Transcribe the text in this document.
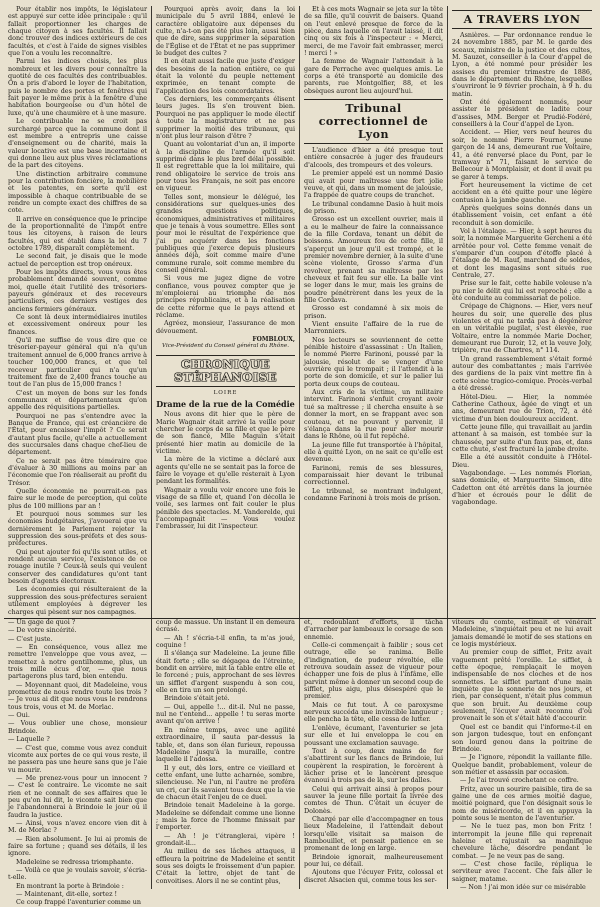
Pour établir nos impôts, le législateur est appuyé sur cette idée principale : qu'il fallait proportionner les charges de chaque citoyen à ses facultés. Il fallait donc trouver des indices extérieurs de ces facultés, et c'est à l'aide de signes visibles que l'on a voulu les reconnaître.

Parmi les indices choisis, les plus nombreux et les divers pour connaître la quotité de ces facultés des contribuables. On a pris d'abord le loyer de l'habitation, puis le nombre des portes et fenêtres qui fait payer le même prix à la fenêtre d'une habitation bourgeoise ou d'un hôtel de luxe, qu'à une chaumière et à une masure.

Le contribuable ne se croit pas surchargé parce que la commune dont il est membre a entrepris une caisse d'enseignement ou de charité, mais la valeur locative est une base incertaine et qui donne lieu aux plus vives réclamations de la part des citoyens.

Une distinction arbitraire commune pour la contribution foncière, la mobilière et les patentes, en sorte qu'il est impossible à chaque contribuable de se rendre un compte exact des chiffres de sa cote.

Il arrive en conséquence que le principe de la proportionnalité de l'impôt entre tous les citoyens, à raison de leurs facultés, qui est établi dans la loi du 7 octobre 1789, disparaît complètement.

Le second fait, je disais que le mode actuel de perception est trop onéreux.

Pour les impôts directs, vous vous êtes probablement demandé souvent, comme moi, quelle était l'utilité des trésoriers-payeurs généraux et des receveurs particuliers, ces derniers vestiges des anciens fermiers généraux.

Ce sont là deux intermédiaires inutiles et excessivement onéreux pour les finances.

Qu'il me suffise de vous dire que ce trésorier-payeur général qui n'a qu'un traitement annuel de 6,000 francs arrive à toucher 100,000 francs, et que tel receveur particulier qui n'a qu'un traitement fixe de 2,400 francs touche au tout de l'an plus de 15,000 francs !

C'est un moyen de bons sur les fonds communaux et départementaux qu'on appelle des réquisitions partielles.

Pourquoi ne pas s'entendre avec la Banque de France, qui est créancière de l'État, pour encaisser l'impôt ? Ce serait d'autant plus facile, qu'elle a actuellement des succursales dans chaque chef-lieu de département.

Ce ne serait pas être téméraire que d'évaluer à 30 millions au moins par an l'économie que l'on réaliserait au profit du Trésor.

Quelle économie ne pourrait-on pas faire sur le mode de perception, qui coûte plus de 100 millions par an !

Et pourquoi nous sommes sur les économies budgétaires, j'avouerai que vu dernièrement le Parlement rejeter la suppression des sous-préfets et des sous-préfectures.

Qui peut ajouter foi qu'ils sont utiles, et rendent aucun service, l'existence de ce rouage inutile ? Ceux-là seuls qui veulent conserver des candidatures qu'ont tant besoin d'agents électoraux.

Les économies qui résulteraient de la suppression des sous-préfectures seraient utilement employées à dégrever les charges qui pèsent sur nos campagnes.

Pourquoi après avoir, dans la loi municipale du 5 avril 1884, enlevé le caractère obligatoire aux dépenses du culte, n'a-t-on pas été plus loin, aussi bien que de dire, sans supprimer la séparation de l'Église et de l'État et ne pas supprimer le budget des cultes ?

Il en était aussi facile que juste d'exiger des besoins de la nation entière, ce qui était la volonté du peuple nettement exprimée, en tenant compte de l'application des lois concordataires.

Ces derniers, les commerçants élisent leurs juges. Ils s'en trouvent bien. Pourquoi ne pas appliquer le mode électif à toute la magistrature et ne pas supprimer la moitié des tribunaux, qui n'ont plus leur raison d'être ?

Quant au volontariat d'un an, il importe à la discipline de l'armée qu'il soit supprimé dans le plus bref délai possible. Il est regrettable que la loi militaire, qui rend obligatoire le service de trois ans pour tous les Français, ne soit pas encore en vigueur.

Telles sont, monsieur le délégué, les considérations sur quelques-unes des grandes questions politiques, économiques, administratives et militaires que je tenais à vous soumettre. Elles sont pour moi le résultat de l'expérience que j'ai pu acquérir dans les fonctions publiques que j'exerce depuis plusieurs années déjà, soit comme maire d'une commune rurale, soit comme membre du conseil général.

Si vous me jugez digne de votre confiance, vous pouvez compter que je m'emploierai au triomphe de nos principes républicains, et à la réalisation de cette réforme que le pays attend et réclame.

Agréez, monsieur, l'assurance de mon dévouement.

FOMBLOUX,
Vice-Président du Conseil général du Rhône.
CHRONIQUE STÉPHANOISE
LOIRE
Drame de la rue de la Comédie

Nous avons dit hier que le père de Marie Wagnair était arrivé la veille pour chercher le corps de sa fille et que le père de son fiancé, Mlle Maguin s'était présenté hier matin au domicile de la victime.

La mère de la victime a déclaré aux agents qu'elle ne se sentait pas la force de faire le voyage et qu'elle resterait à Lyon pendant les formalités.

Wagnair a voulu voir encore une fois le visage de sa fille et, quand l'on décolla le voile, ses larmes ont fait couler le plus pénible des spectacles. M. Vanderelde, qui l'accompagnait — Vous voulez l'embrasser, lui dit l'inspecteur.

Et à ces mots Wagnair se jeta sur la tête de sa fille, qu'il couvrit de baisers. Quand on l'eut enlevé presque de force de la pièce, dans laquelle on l'avait laissé, il dit cinq ou six fois à l'inspecteur : « Merci, merci, de me l'avoir fait embrasser, merci ! merci ! »

La femme de Wagnair l'attendait à la gare de Perrache avec quelques amis. Le corps a été transporté au domicile des parents, rue Montgolfier, 88, et les obsèques auront lieu aujourd'hui.

Tribunal correctionnel de Lyon

L'audience d'hier a été presque tout entière consacrée à juger des fraudeurs d'alcools, des trompeurs et des voleurs.

Le premier appelé est un nommé Dasio qui avait pour maîtresse une fort jolie veuve, et qui, dans un moment de jalousie, l'a frappée de quatre coups de tranchet.

Le tribunal condamne Dasio à huit mois de prison.

Grosso est un excellent ouvrier, mais il a eu le malheur de faire la connaissance de la fille Cordava, tenant un débit de boissons. Amoureux fou de cette fille, il s'aperçut un jour qu'il est trompé, et le premier novembre dernier, à la suite d'une scène violente, Grosso s'arma d'un revolver, prenant sa maîtresse par les cheveux et fait feu sur elle. La balle vint se loger dans le mur, mais les grains de poudre pénétrèrent dans les yeux de la fille Cordava.

Grosso est condamné à six mois de prison.

Vient ensuite l'affaire de la rue de Marronniers.

Nos lecteurs se souviennent de cette pénible histoire d'assassinat : Un Italien, le nommé Pierre Farinoni, poussé par la jalousie, résolut de se venger d'une ouvrière qui le trompait ; il l'attendit à la porte de son domicile, et sur le palier lui porta deux coups de couteau.

Aux cris de la victime, un militaire intervint. Farinoni s'enfuit croyant avoir tué sa maîtresse ; il chercha ensuite à se donner la mort, en se frappant avec son couteau, et ne pouvant y parvenir, il s'élança dans la rue pour aller mourir dans le Rhône, où il fut repêché.

La jeune fille fut transportée à l'hôpital, elle à quitté Lyon, on ne sait ce qu'elle est devenue.

Farinoni, remis de ses blessures, comparaissait hier devant le tribunal correctionnel.

Le tribunal, se montrant indulgent, condamne Farinoni à trois mois de prison.

A TRAVERS LYON

Asnières. — Par ordonnance rendue le 24 novembre 1885, par M. le garde des sceaux, ministre de la justice et des cultes, M. Sauzet, conseiller à la Cour d'appel de Lyon, a été nommé pour présider les assises du premier trimestre de 1886, dans le département du Rhône, lesquelles s'ouvriront le 9 février prochain, à 9 h. du matin.

Ont été également nommés, pour assister le président de ladite cour d'assises, MM. Berger et Prudié-Fodéré, conseillers à la Cour d'appel de Lyon.

Accident. — Hier, vers neuf heures du soir, le nommé Pierre Fournet, jeune garçon de 14 ans, demeurant rue Voltaire, 41, a été renversé place du Pont, par le tramway n° 71, faisant le service de Bellecour à Montplaisir, et dont il avait pu se garer à temps.

Fort heureusement la victime de cet accident en a été quitte pour une légère contusion à la jambe gauche.

Après quelques soins donnés dans un établissement voisin, cet enfant a été reconduit à son domicile.

Vol à l'étalage. — Hier, à sept heures du soir, la nommée Marguerite Gercheni a été arrêtée pour vol. Cette femme venait de s'emparer d'un coupon d'étoffe placé à l'étalage de M. Rauf, marchand de soldes, et dont les magasins sont situés rue Centrale, 27.

Prise sur le fait, cette habile voleuse n'a pu nier le délit qui lui est reproché ; elle a été conduite au commissariat de police.

Crépage de Chignons. — Hier, vers neuf heures du soir, une querelle des plus violentes et qui ne tarda pas à dégénérer en un véritable pugilat, s'est élevée, rue Voltaire, entre la nommée Marie Docher, demeurant rue Duroir, 12, et la veuve Joly, tripière, rue de Chartres, n° 114.

Un grand rassemblement s'était formé autour des combattantes ; mais l'arrivée des gardiens de la paix vint mettre fin à cette scène tragico-comique. Procès-verbal a été dressé.

Hôtel-Dieu. — Hier, la nommée Catherine Cathoux, âgée de vingt et un ans, demeurant rue de Trion, 72, a été victime d'un bien douloureux accident.

Cette jeune fille, qui travaillait au jardin attenant à sa maison, est tombée sur la chaussée, par suite d'un faux pas, et, dans cette chute, s'est fracturé la jambe droite.

Elle a été aussitôt conduite à l'Hôtel-Dieu.

Vagabondage. — Les nommés Florian, sans domicile, et Marguerite Simon, dite Cadetton ont été arrêtés dans la journée d'hier et écroués pour le délit de vagabondage.

— Un gage de quoi ?

— De votre sincérité.

— C'est juste.

— En conséquence, vous allez me remettre l'enveloppe que vous avez, — remettez à notre gentilhomme, plus, un trois mille écus d'or, — que nous partagerons plus tard, bien entendu.

— Moyennant quoi, dit Madeleine, vous promettez de nous rendre toute les trois ? — Je vous ai dit que nous vous le rendrons tous trois, vous et M. de Morlac.

— Oui.

— Vous oublier une chose, monsieur Brindoie.

— Laquelle ?

— C'est que, comme vous avez conduit vicomte aux portes de ce qui vous reste, il ne passera pas une heure sans que je l'aie vu mourir.

— Me prenez-vous pour un innocent ? — C'est le contraire. Le vicomte ne sait rien et ne connaît de ses affaires que le peu qu'on lui dit, le vicomte sait bien que je l'abandonnerai à Brindoie le jour où il faudra la justice.

— Ainsi, vous n'avez encore vien dit à M. de Morlac ?

— Rien absolument. Je lui ai promis de faire sa fortune ; quand ses détails, il les ignore.

Madeleine se redressa triomphante.

— Voilà ce que je voulais savoir, s'écria-t-elle.

En montrant la porte à Brindoie :

— Maintenant, dit-elle, sortez !

Ce coup frappé l'aventurier comme un

coup de massue. Un instant il en demeura écrasé.

— Ah ! s'écria-t-il enfin, ta m'as joué, coquine !

Il s'élança sur Madeleine. La jeune fille était forte ; elle se dégagea de l'étreinte, bondit en arrière, mit la table entre elle et le forcené ; puis, approchant de ses lèvres un sifflet d'argent suspendu à son cou, elle en tira un son prolongé.

Brindoie s'était jeté.

— Oui, appelle !... dit-il. Nul ne passe, nul ne t'entend... appelle ! tu seras morte avant qu'on arrive !

En même temps, avec une agilité extraordinaire, il sauta par-dessus la table, et, dans son élan furieux, repoussa Madeleine jusqu'à la muraille, contre laquelle il l'adossa.

Il y eut, dès lors, entre ce vieillard et cette enfant, une lutte acharnée, sombre, silencieuse. Ne l'un, ni l'autre ne proféra un cri, car ils savaient tous deux que la vie de chacun était l'enjeu de ce duel.

Brindoie tenait Madeleine à la gorge. Madeleine se défendait comme une lionne ; mais la force de l'homme finissait par l'emporter.

— Ah ! je t'étranglerai, vipère ! grondait-il...

Au milieu de ses lâches attaques, il effleura la poitrine de Madeleine et sentit sous ses doigts le froissement d'un papier. C'était la lettre, objet de tant de convoitises. Alors il ne se contint plus,

et, redoublant d'efforts, il tâcha d'arracher par lambeaux le corsage de son ennemie.

Celle-ci commençait à faiblir ; sous cet outrage, elle se ranima. Belle d'indignation, de pudeur révoltée, elle retrouva soudain assez de vigueur pour échapper une fois de plus à l'infâme, elle parvint même à donner un second coup de sifflet, plus aigu, plus désespéré que le premier.

Mais ce fut tout. À ce paroxysme nerveux succéda une invincible langueur ; elle pencha la tête, elle cessa de lutter.

L'enlève, écumant, l'aventurier se jeta sur elle et lui enveloppa le cou en poussant une exclamation sauvage.

Tout à coup, deux mains de fer s'abattirent sur les flancs de Brindoie, lui coupèrent la respiration, le forcèrent à lâcher prise et le lancèrent presque évanoui à trois pas de là, sur les dalles.

Celui qui arrivait ainsi à propos pour sauver la jeune fille portait la livrée des comtes de Thun. C'était un écuyer de Dolonès.

Chargé par elle d'accompagner en tous lieux Madeleine, il l'attendait debout lorsqu'elle visitait sa maison de Rambouillet, et pensait patience en se promenant de long en large.

Brindoie ignorait, malheureusement pour lui, ce détail.

Ajoutons que l'écuyer Fritz, colossal et discret Alsacien qui, comme tous les ser-

viteurs du comte, estimait et vénérait Madeleine, s'inquiétait peu et ne lui avait jamais demandé le motif de ses stations en ce logis mystérieux.

Au premier coup de sifflet, Fritz avait vaguement prêté l'oreille. Le sifflet, à cette époque, remplaçait le moyen indispensable de nos cloches et de nos sonnettes. Le sifflet partant d'une main inquiète que la sonnerie de nos jours, et rien, par conséquent, n'était plus commun que son bruit. Au deuxième coup seulement, l'écuyer avait reconnu d'où provenait le son et s'était hâté d'accourir.

Quel est ce bandit qui l'informe-t-il en son jargon tudesque, tout en enfonçant son lourd genou dans la poitrine de Brindoie.

— Je l'ignore, répondit la vaillante fille. Quelque bandit, probablement, voleur de son métier et assassin par occasion.

— Je l'ai trouvé crochetant ce coffre.

Fritz, avec un sourire paisible, tira de sa gaine une de ces armes moitié dague, moitié poignard, que l'on désignait sous le nom de miséricorde, et il en appuya la pointe sous le menton de l'aventurier.

— Ne le tuez pas, mon bon Fritz ! interrompit la jeune fille qui reprenait haleine et rajustait sa magnifique chevelure lâche, désordre pendant le combat. — Je ne veux pas de sang.

— C'est chose facile, répliqua le serviteur avec l'accent. Che fais aller le saigner, matame.

— Non ! j'ai mon idée sur ce misérable
